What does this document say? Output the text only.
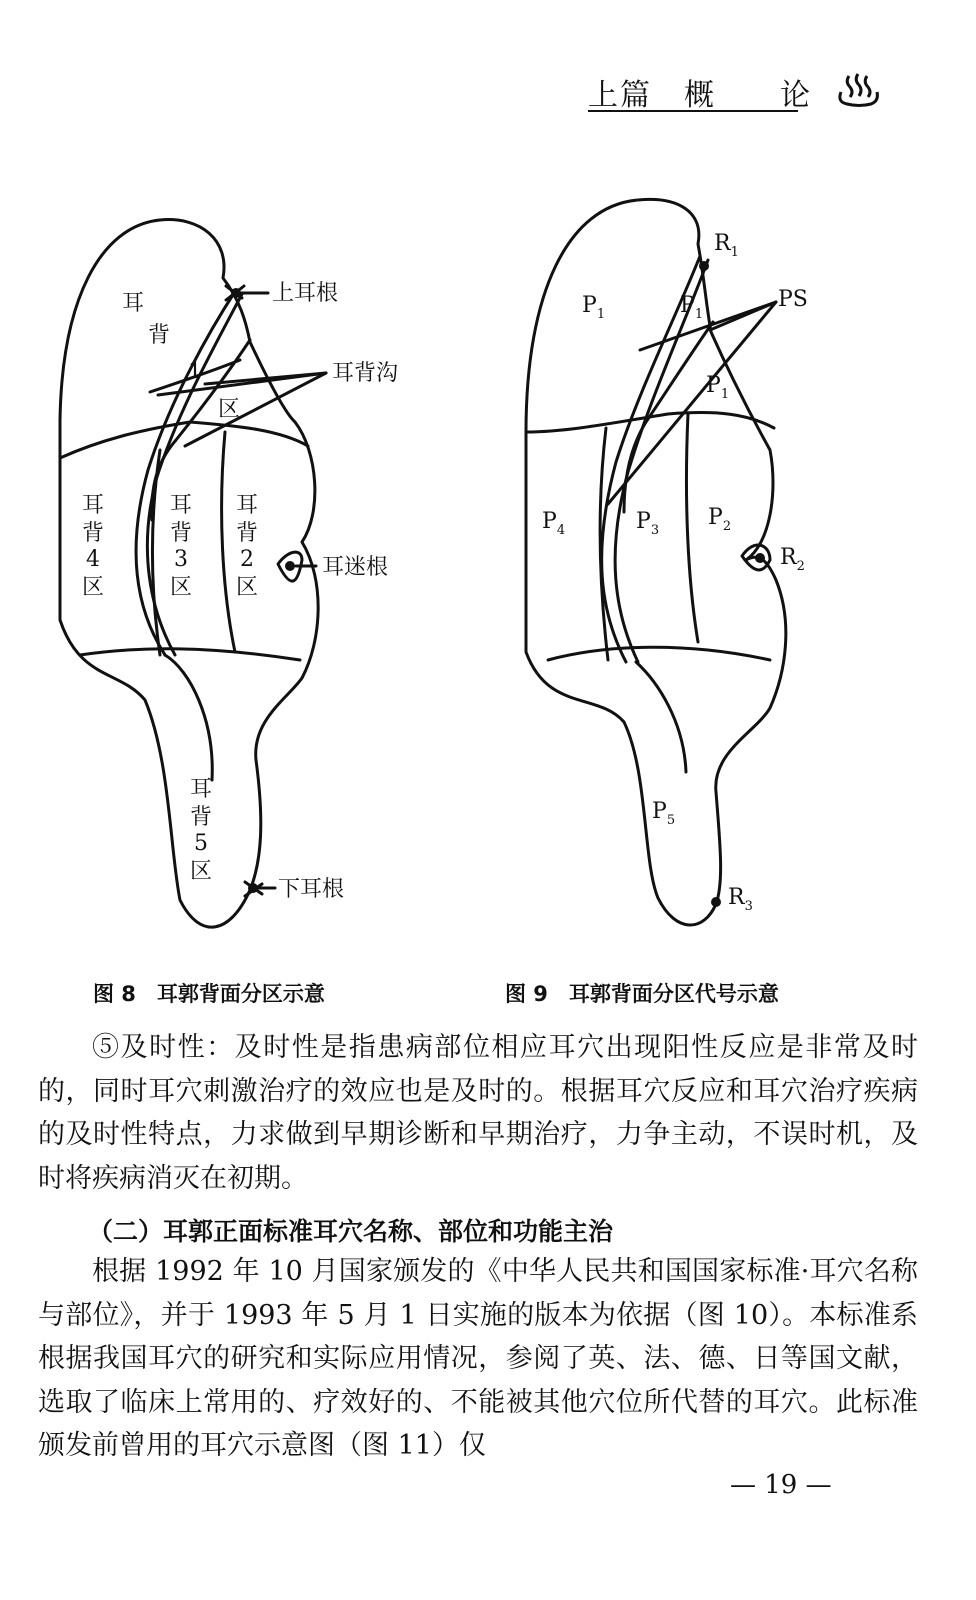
上篇　概　　论
上耳根
耳背沟
耳迷根
下耳根
耳
背
1
区
耳
背
4
区
耳
背
3
区
耳
背
2
区
耳
背
5
区
图 8　耳郭背面分区示意
$R_1$
PS
$R_2$
$R_3$
$P_1$	$P_1$
$P_1$
$P_4$	$P_3$
$P_2$
$P_5$
图 9　耳郭背面分区代号示意

⑤及时性：及时性是指患病部位相应耳穴出现阳性反应是非常及时的，同时耳穴刺激治疗的效应也是及时的。根据耳穴反应和耳穴治疗疾病的及时性特点，力求做到早期诊断和早期治疗，力争主动，不误时机，及时将疾病消灭在初期。

（二）耳郭正面标准耳穴名称、部位和功能主治

根据 1992 年 10 月国家颁发的《中华人民共和国国家标准·耳穴名称与部位》，并于 1993 年 5 月 1 日实施的版本为依据（图 10）。本标准系根据我国耳穴的研究和实际应用情况，参阅了英、法、德、日等国文献，选取了临床上常用的、疗效好的、不能被其他穴位所代替的耳穴。此标准颁发前曾用的耳穴示意图（图 11）仅

— 19 —
